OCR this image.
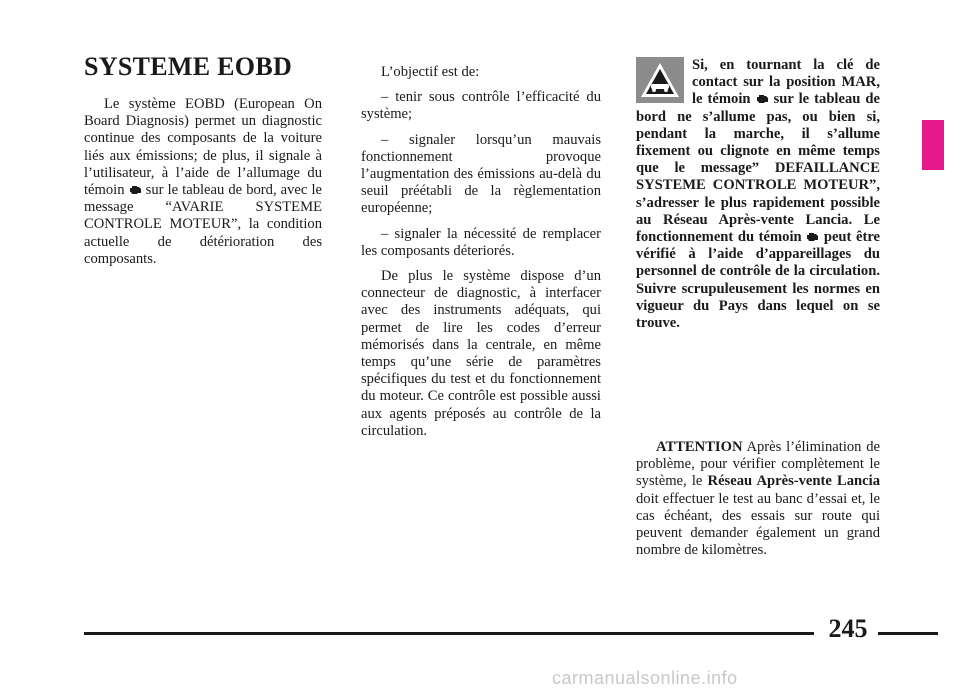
SYSTEME EOBD

Le système EOBD (European On Board Diagnosis) permet un diagnostic continue des composants de la voiture liés aux émissions; de plus, il signale à l’utilisateur, à l’aide de l’allumage du témoin sur le tableau de bord, avec le message “AVARIE SYSTEME CONTROLE MOTEUR”, la condition actuelle de détérioration des composants.

L’objectif est de:

– tenir sous contrôle l’efficacité du système;

– signaler lorsqu’un mauvais fonctionnement provoque l’augmentation des émissions au-delà du seuil préétabli de la règlementation européenne;

– signaler la nécessité de remplacer les composants déteriorés.

De plus le système dispose d’un connecteur de diagnostic, à interfacer avec des instruments adéquats, qui permet de lire les codes d’erreur mémorisés dans la centrale, en même temps qu’une série de paramètres spécifiques du test et du fonctionnement du moteur. Ce contrôle est possible aussi aux agents préposés au contrôle de la circulation.

Si, en tournant la clé de contact sur la position MAR, le témoin sur le tableau de bord ne s’allume pas, ou bien si, pendant la marche, il s’allume fixement ou clignote en même temps que le message” DEFAILLANCE SYSTEME CONTROLE MOTEUR”, s’adresser le plus rapidement possible au Réseau Après-vente Lancia. Le fonctionnement du témoin peut être vérifié à l’aide d’appareillages du personnel de contrôle de la circulation. Suivre scrupuleusement les normes en vigueur du Pays dans lequel on se trouve.

ATTENTION Après l’élimination de problème, pour vérifier complètement le système, le Réseau Après-vente Lancia doit effectuer le test au banc d’essai et, le cas échéant, des essais sur route qui peuvent demander également un grand nombre de kilomètres.

245
carmanualsonline.info
